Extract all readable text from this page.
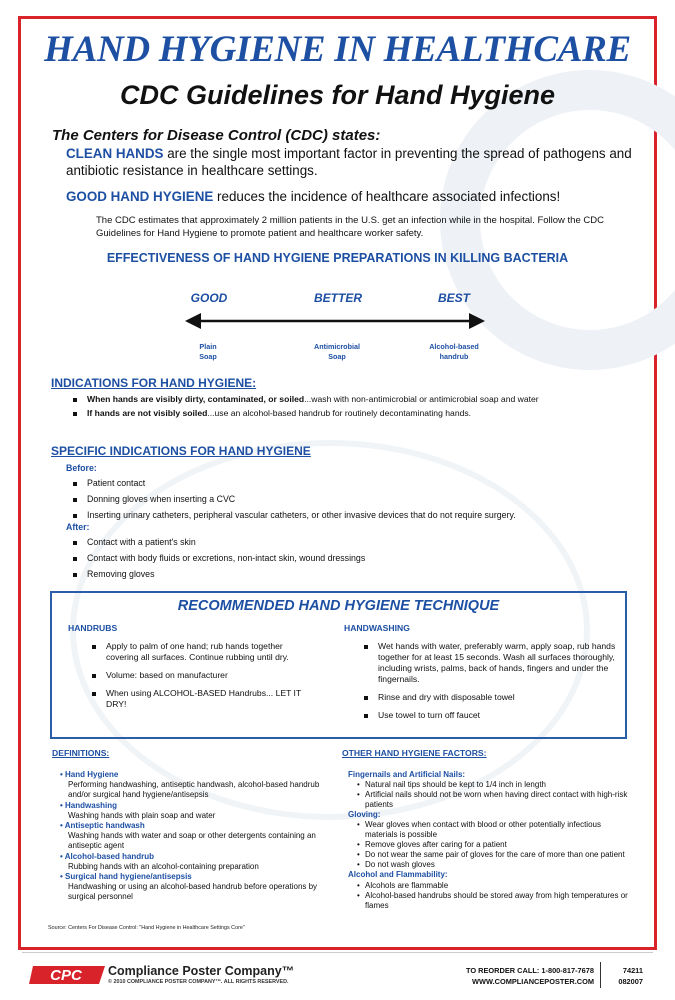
HAND HYGIENE IN HEALTHCARE
CDC Guidelines for Hand Hygiene
The Centers for Disease Control (CDC) states:
CLEAN HANDS are the single most important factor in preventing the spread of pathogens and antibiotic resistance in healthcare settings.
GOOD HAND HYGIENE reduces the incidence of healthcare associated infections!
The CDC estimates that approximately 2 million patients in the U.S. get an infection while in the hospital. Follow the CDC Guidelines for Hand Hygiene to promote patient and healthcare worker safety.
EFFECTIVENESS OF HAND HYGIENE PREPARATIONS IN KILLING BACTERIA
GOOD	BETTER	BEST
Plain
Soap
Antimicrobial
Soap
Alcohol-based
handrub
INDICATIONS FOR HAND HYGIENE:
When hands are visibly dirty, contaminated, or soiled...wash with non-antimicrobial or antimicrobial soap and water
If hands are not visibly soiled...use an alcohol-based handrub for routinely decontaminating hands.
SPECIFIC INDICATIONS FOR HAND HYGIENE
Before:
Patient contact
Donning gloves when inserting a CVC
Inserting urinary catheters, peripheral vascular catheters, or other invasive devices that do not require surgery.
After:
Contact with a patient's skin
Contact with body fluids or excretions, non-intact skin, wound dressings
Removing gloves
RECOMMENDED HAND HYGIENE TECHNIQUE
HANDRUBS
Apply to palm of one hand; rub hands together covering all surfaces. Continue rubbing until dry.
Volume: based on manufacturer
When using ALCOHOL-BASED Handrubs... LET IT DRY!
HANDWASHING
Wet hands with water, preferably warm, apply soap, rub hands together for at least 15 seconds. Wash all surfaces thoroughly, including wrists, palms, back of hands, fingers and under the fingernails.
Rinse and dry with disposable towel
Use towel to turn off faucet
DEFINITIONS:
• Hand Hygiene
Performing handwashing, antiseptic handwash, alcohol-based handrub and/or surgical hand hygiene/antisepsis
• Handwashing
Washing hands with plain soap and water
• Antiseptic handwash
Washing hands with water and soap or other detergents containing an antiseptic agent
• Alcohol-based handrub
Rubbing hands with an alcohol-containing preparation
• Surgical hand hygiene/antisepsis
Handwashing or using an alcohol-based handrub before operations by surgical personnel
OTHER HAND HYGIENE FACTORS:
Fingernails and Artificial Nails:
• Natural nail tips should be kept to 1/4 inch in length
• Artificial nails should not be worn when having direct contact with high-risk patients
Gloving:
• Wear gloves when contact with blood or other potentially infectious materials is possible
• Remove gloves after caring for a patient
• Do not wear the same pair of gloves for the care of more than one patient
• Do not wash gloves
Alcohol and Flammability:
• Alcohols are flammable
• Alcohol-based handrubs should be stored away from high temperatures or flames
Source: Centers For Disease Control: "Hand Hygiene in Healthcare Settings Core"
CPC Compliance Poster Company™
© 2010 COMPLIANCE POSTER COMPANY™. ALL RIGHTS RESERVED.
TO REORDER CALL: 1-800-817-7678
WWW.COMPLIANCEPOSTER.COM
74211
082007
